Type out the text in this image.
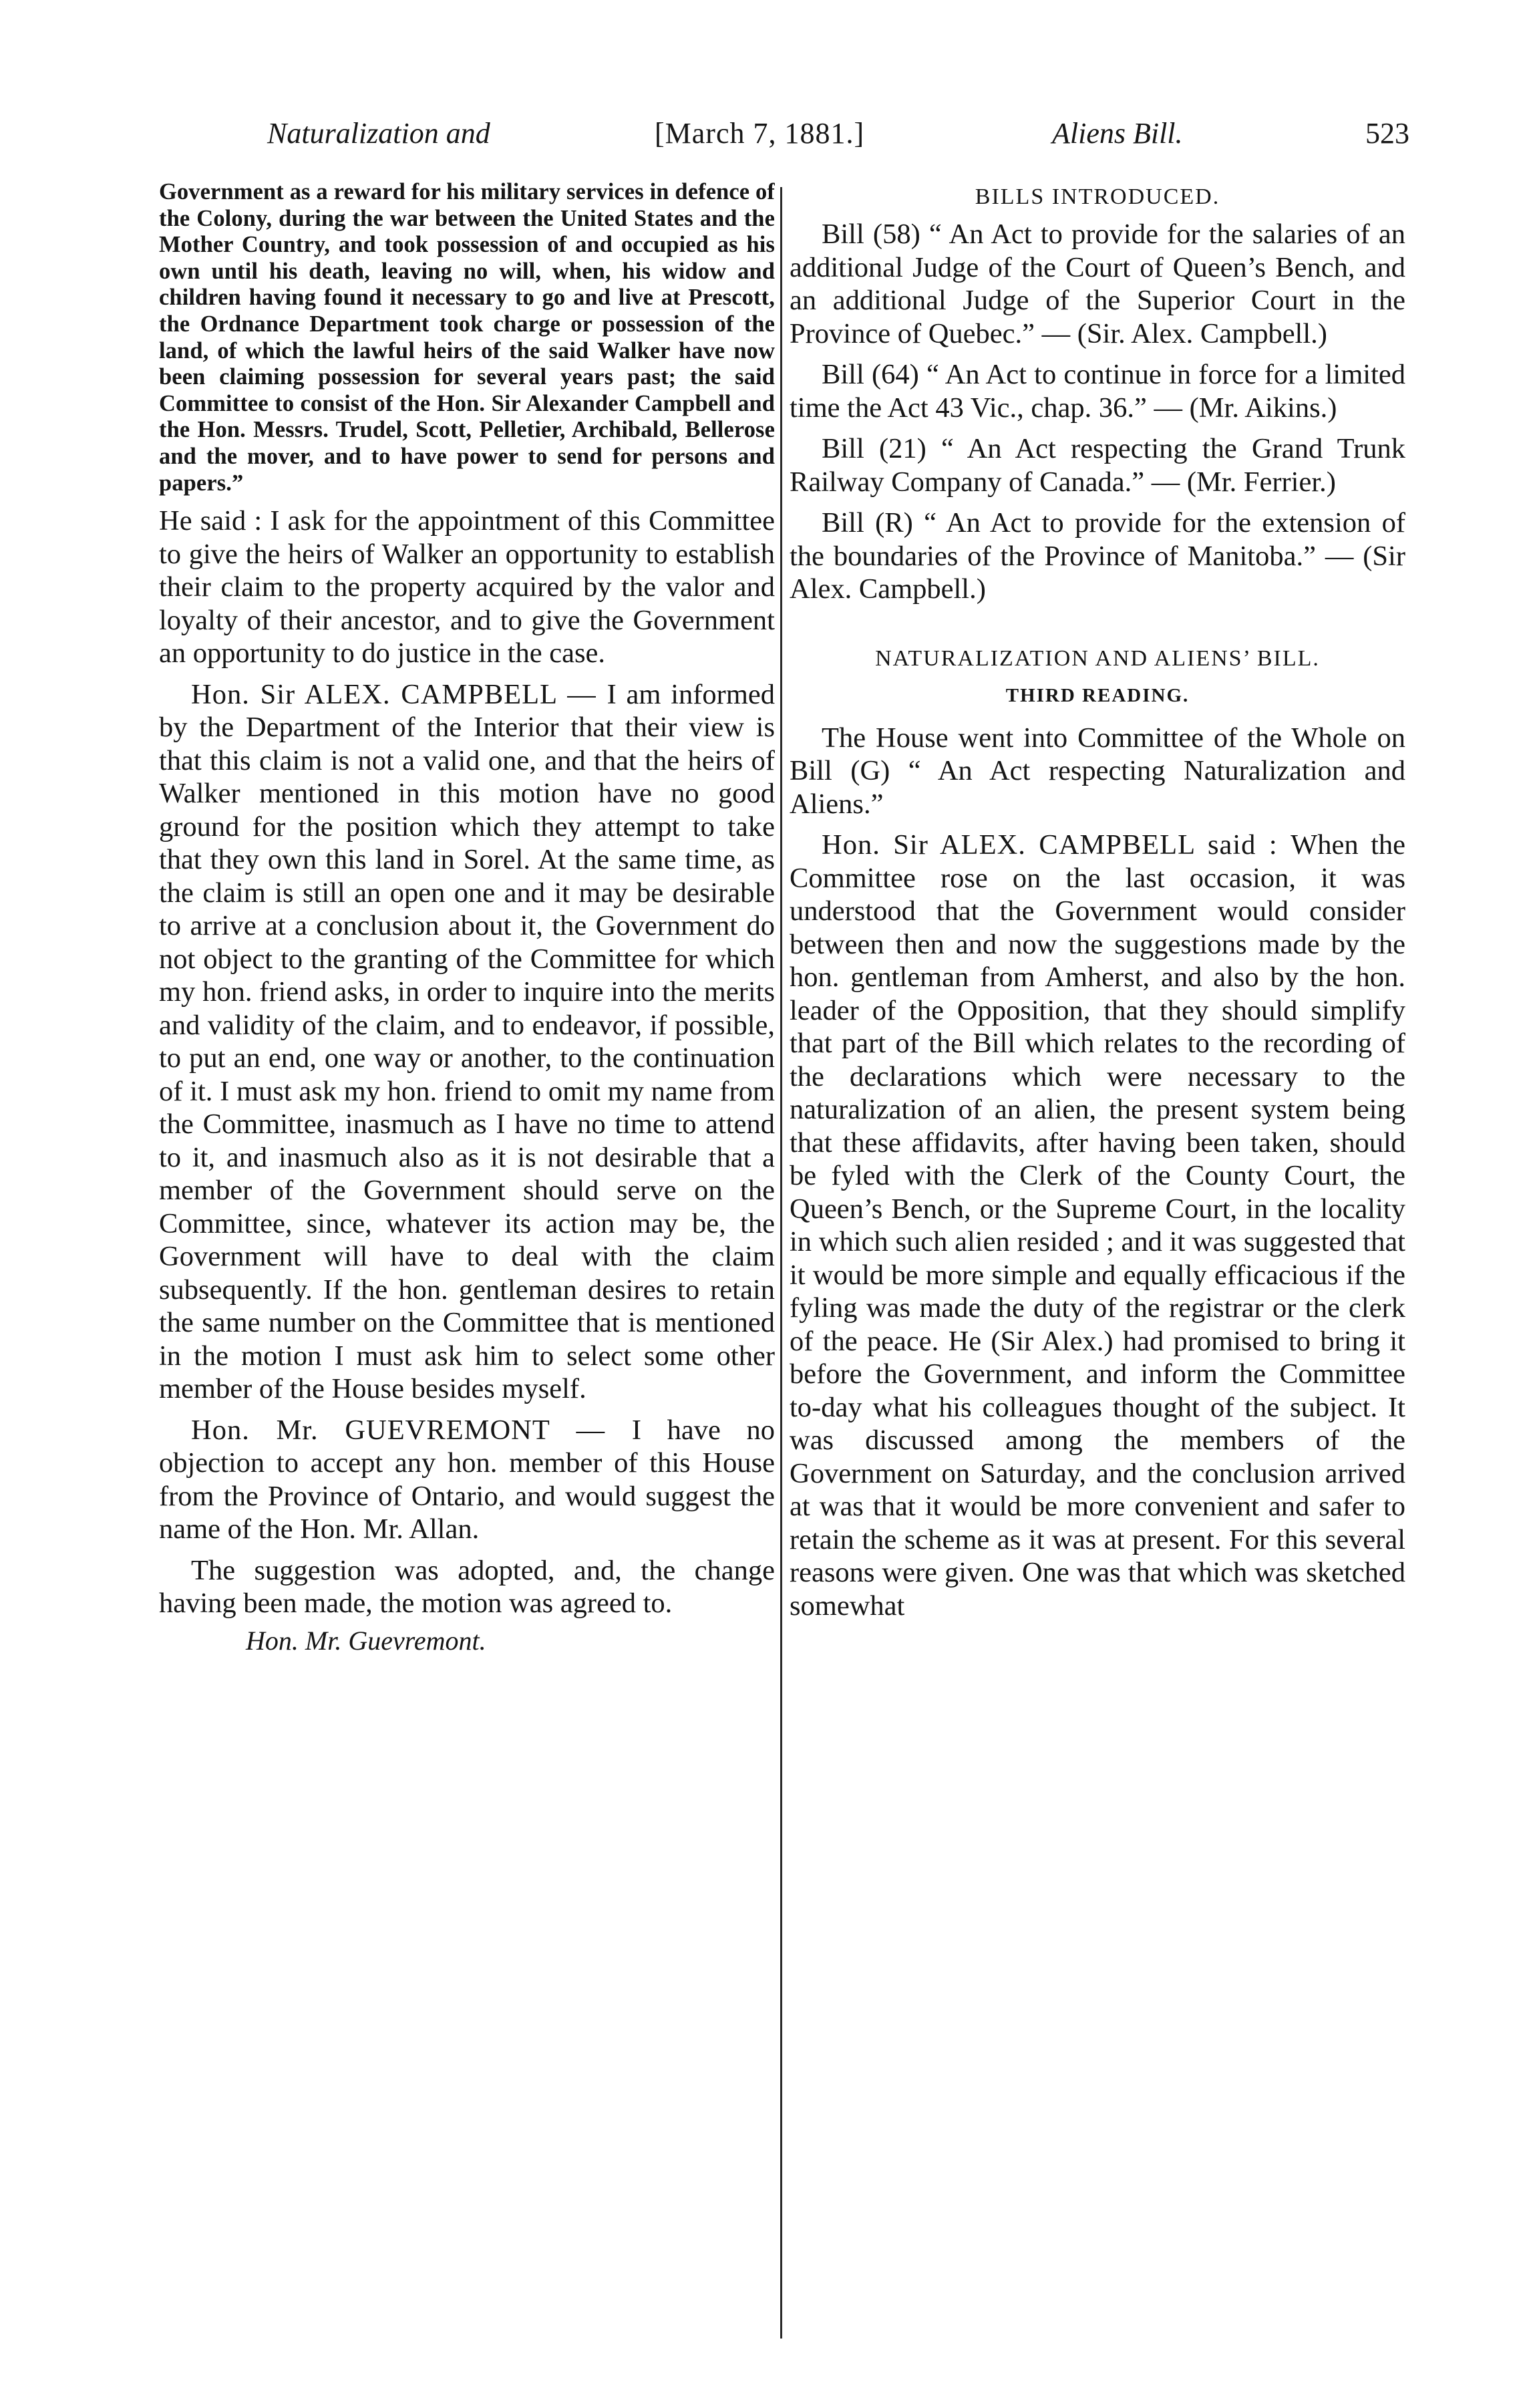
Naturalization and	[March 7, 1881.]	Aliens Bill.	523

Government as a reward for his military services in defence of the Colony, during the war between the United States and the Mother Country, and took possession of and occupied as his own until his death, leaving no will, when, his widow and children having found it necessary to go and live at Prescott, the Ordnance Department took charge or possession of the land, of which the lawful heirs of the said Walker have now been claiming possession for several years past; the said Committee to consist of the Hon. Sir Alexander Campbell and the Hon. Messrs. Trudel, Scott, Pelletier, Archibald, Bellerose and the mover, and to have power to send for persons and papers.”

He said : I ask for the appointment of this Committee to give the heirs of Walker an opportunity to establish their claim to the property acquired by the valor and loyalty of their ancestor, and to give the Government an opportunity to do justice in the case.

Hon. Sir ALEX. CAMPBELL — I am informed by the Department of the Interior that their view is that this claim is not a valid one, and that the heirs of Walker mentioned in this motion have no good ground for the position which they attempt to take that they own this land in Sorel. At the same time, as the claim is still an open one and it may be desirable to arrive at a conclusion about it, the Government do not object to the granting of the Committee for which my hon. friend asks, in order to inquire into the merits and validity of the claim, and to endeavor, if possible, to put an end, one way or another, to the continuation of it. I must ask my hon. friend to omit my name from the Committee, inasmuch as I have no time to attend to it, and inasmuch also as it is not desirable that a member of the Government should serve on the Committee, since, whatever its action may be, the Government will have to deal with the claim subsequently. If the hon. gentleman desires to retain the same number on the Committee that is mentioned in the motion I must ask him to select some other member of the House besides myself.

Hon. Mr. GUEVREMONT — I have no objection to accept any hon. member of this House from the Province of Ontario, and would suggest the name of the Hon. Mr. Allan.

The suggestion was adopted, and, the change having been made, the motion was agreed to.

Hon. Mr. Guevremont.

BILLS INTRODUCED.

Bill (58) “ An Act to provide for the salaries of an additional Judge of the Court of Queen’s Bench, and an additional Judge of the Superior Court in the Province of Quebec.” — (Sir. Alex. Campbell.)

Bill (64) “ An Act to continue in force for a limited time the Act 43 Vic., chap. 36.” — (Mr. Aikins.)

Bill (21) “ An Act respecting the Grand Trunk Railway Company of Canada.” — (Mr. Ferrier.)

Bill (R) “ An Act to provide for the extension of the boundaries of the Province of Manitoba.” — (Sir Alex. Campbell.)

NATURALIZATION AND ALIENS’ BILL.

THIRD READING.

The House went into Committee of the Whole on Bill (G) “ An Act respecting Naturalization and Aliens.”

Hon. Sir ALEX. CAMPBELL said : When the Committee rose on the last occasion, it was understood that the Government would consider between then and now the suggestions made by the hon. gentleman from Amherst, and also by the hon. leader of the Opposition, that they should simplify that part of the Bill which relates to the recording of the declarations which were necessary to the naturalization of an alien, the present system being that these affidavits, after having been taken, should be fyled with the Clerk of the County Court, the Queen’s Bench, or the Supreme Court, in the locality in which such alien resided ; and it was suggested that it would be more simple and equally efficacious if the fyling was made the duty of the registrar or the clerk of the peace. He (Sir Alex.) had promised to bring it before the Government, and inform the Committee to-day what his colleagues thought of the subject. It was discussed among the members of the Government on Saturday, and the conclusion arrived at was that it would be more convenient and safer to retain the scheme as it was at present. For this several reasons were given. One was that which was sketched somewhat
